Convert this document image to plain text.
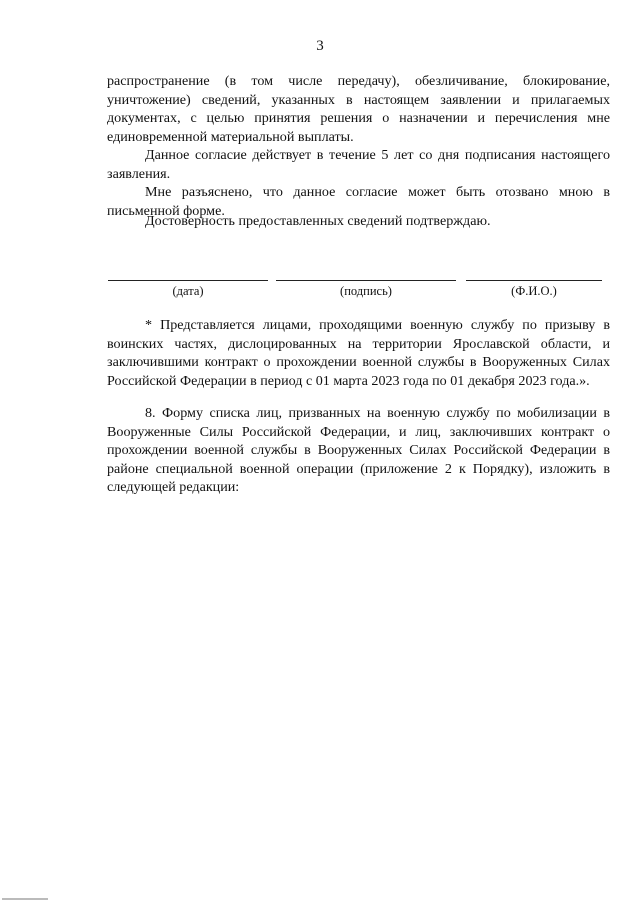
3

распространение (в том числе передачу), обезличивание, блокирование, уничтожение) сведений, указанных в настоящем заявлении и прилагаемых документах, с целью принятия решения о назначении и перечисления мне единовременной материальной выплаты.

Данное согласие действует в течение 5 лет со дня подписания настоящего заявления.

Мне разъяснено, что данное согласие может быть отозвано мною в письменной форме.

Достоверность предоставленных сведений подтверждаю.

(дата)	(подпись)	(Ф.И.О.)

* Представляется лицами, проходящими военную службу по призыву в воинских частях, дислоцированных на территории Ярославской области, и заключившими контракт о прохождении военной службы в Вооруженных Силах Российской Федерации в период с 01 марта 2023 года по 01 декабря 2023 года.».

8. Форму списка лиц, призванных на военную службу по мобилизации в Вооруженные Силы Российской Федерации, и лиц, заключивших контракт о прохождении военной службы в Вооруженных Силах Российской Федерации в районе специальной военной операции (приложение 2 к Порядку), изложить в следующей редакции:
